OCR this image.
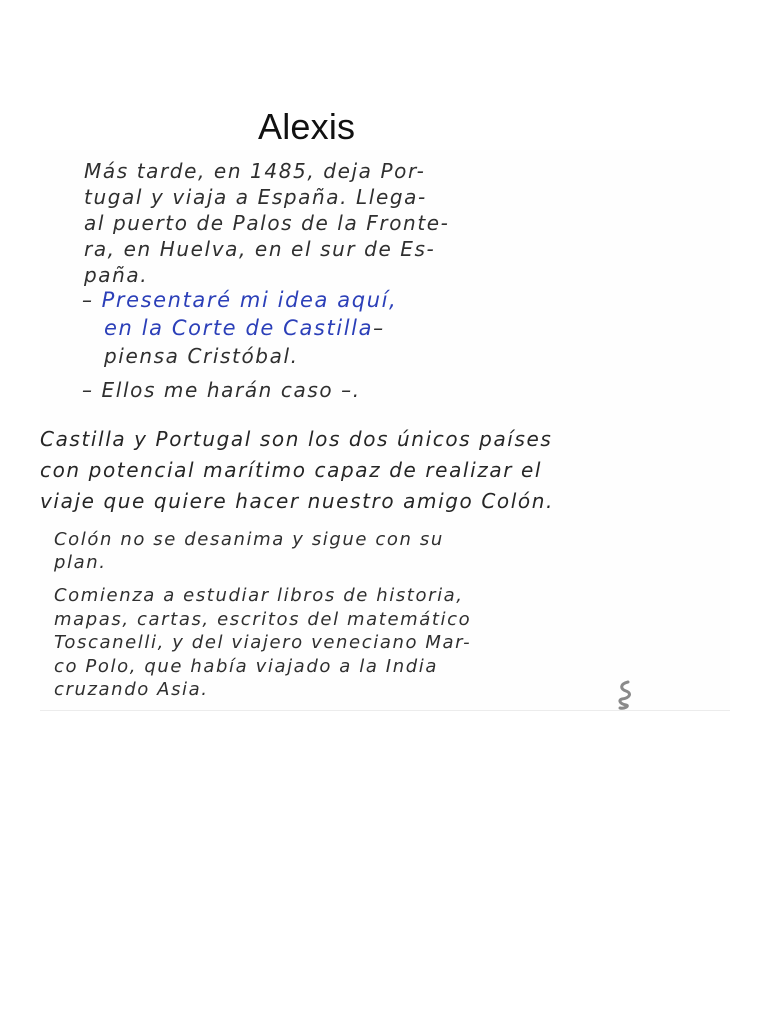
Alexis
Más tarde, en 1485, deja Por-
tugal y viaja a España. Llega-
al puerto de Palos de la Fronte-
ra, en Huelva, en el sur de Es-
paña.
– Presentaré mi idea aquí,
en la Corte de Castilla–
piensa Cristóbal.
– Ellos me harán caso –.
Castilla y Portugal son los dos únicos países
con potencial marítimo capaz de realizar el
viaje que quiere hacer nuestro amigo Colón.
Colón no se desanima y sigue con su
plan.
Comienza a estudiar libros de historia,
mapas, cartas, escritos del matemático
Toscanelli, y del viajero veneciano Mar-
co Polo, que había viajado a la India
cruzando Asia.
